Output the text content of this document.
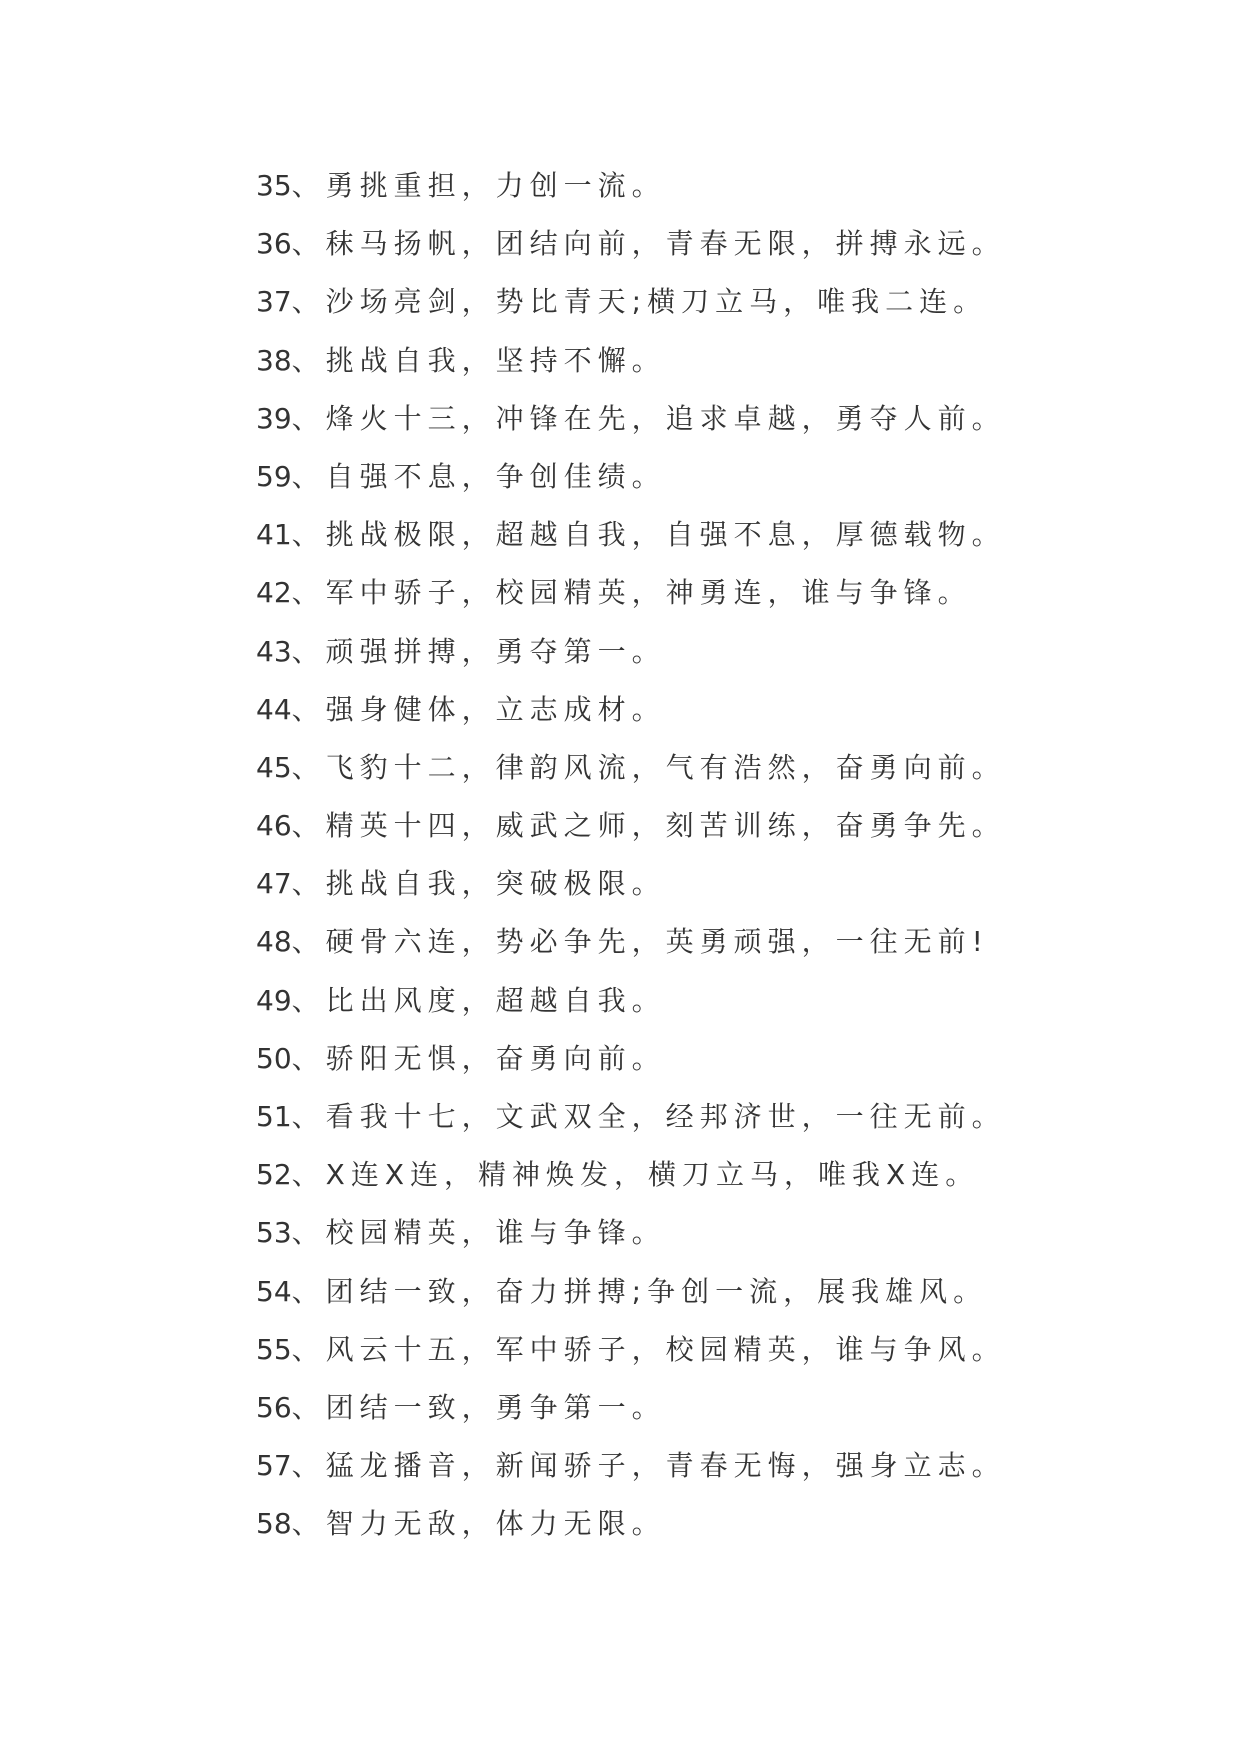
35、勇挑重担，力创一流。
36、秣马扬帆，团结向前，青春无限，拼搏永远。
37、沙场亮剑，势比青天;横刀立马，唯我二连。
38、挑战自我，坚持不懈。
39、烽火十三，冲锋在先，追求卓越，勇夺人前。
59、自强不息，争创佳绩。
41、挑战极限，超越自我，自强不息，厚德载物。
42、军中骄子，校园精英，神勇连，谁与争锋。
43、顽强拼搏，勇夺第一。
44、强身健体，立志成材。
45、飞豹十二，律韵风流，气有浩然，奋勇向前。
46、精英十四，威武之师，刻苦训练，奋勇争先。
47、挑战自我，突破极限。
48、硬骨六连，势必争先，英勇顽强，一往无前!
49、比出风度，超越自我。
50、骄阳无惧，奋勇向前。
51、看我十七，文武双全，经邦济世，一往无前。
52、X连X连，精神焕发，横刀立马，唯我X连。
53、校园精英，谁与争锋。
54、团结一致，奋力拼搏;争创一流，展我雄风。
55、风云十五，军中骄子，校园精英，谁与争风。
56、团结一致，勇争第一。
57、猛龙播音，新闻骄子，青春无悔，强身立志。
58、智力无敌，体力无限。
